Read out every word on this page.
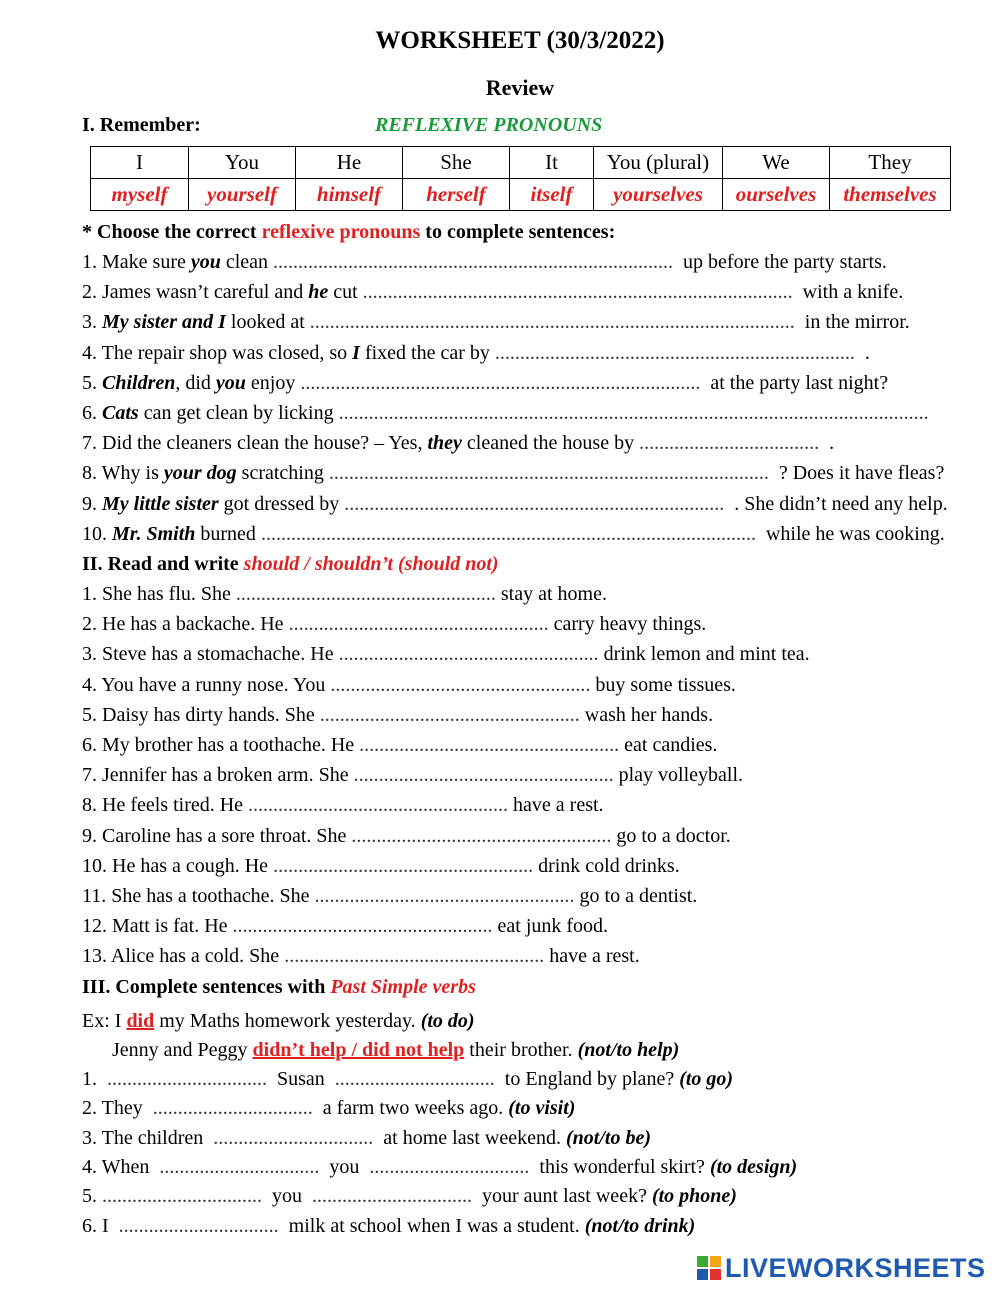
WORKSHEET (30/3/2022)
Review
I. Remember:	REFLEXIVE PRONOUNS
I	You	He	She	It	You (plural)	We	They
myself	yourself	himself	herself	itself	yourselves	ourselves	themselves
* Choose the correct reflexive pronouns to complete sentences:
1. Make sure you clean ................................................................................  up before the party starts.
2. James wasn’t careful and he cut ......................................................................................  with a knife.
3. My sister and I looked at .................................................................................................  in the mirror.
4. The repair shop was closed, so I fixed the car by ........................................................................  .
5. Children, did you enjoy ................................................................................  at the party last night?
6. Cats can get clean by licking ......................................................................................................................
7. Did the cleaners clean the house? – Yes, they cleaned the house by ....................................  .
8. Why is your dog scratching ........................................................................................  ? Does it have fleas?
9. My little sister got dressed by ............................................................................  . She didn’t need any help.
10. Mr. Smith burned ...................................................................................................  while he was cooking.
II. Read and write should / shouldn’t (should not)
1. She has flu. She .................................................... stay at home.
2. He has a backache. He .................................................... carry heavy things.
3. Steve has a stomachache. He .................................................... drink lemon and mint tea.
4. You have a runny nose. You .................................................... buy some tissues.
5. Daisy has dirty hands. She .................................................... wash her hands.
6. My brother has a toothache. He .................................................... eat candies.
7. Jennifer has a broken arm. She .................................................... play volleyball.
8. He feels tired. He .................................................... have a rest.
9. Caroline has a sore throat. She .................................................... go to a doctor.
10. He has a cough. He .................................................... drink cold drinks.
11. She has a toothache. She .................................................... go to a dentist.
12. Matt is fat. He .................................................... eat junk food.
13. Alice has a cold. She .................................................... have a rest.
III. Complete sentences with Past Simple verbs
Ex: I did my Maths homework yesterday. (to do)
Jenny and Peggy didn’t help / did not help their brother. (not/to help)
1.  ................................  Susan  ................................  to England by plane? (to go)
2. They  ................................  a farm two weeks ago. (to visit)
3. The children  ................................  at home last weekend. (not/to be)
4. When  ................................  you  ................................  this wonderful skirt? (to design)
5. ................................  you  ................................  your aunt last week? (to phone)
6. I  ................................  milk at school when I was a student. (not/to drink)
LIVEWORKSHEETS
